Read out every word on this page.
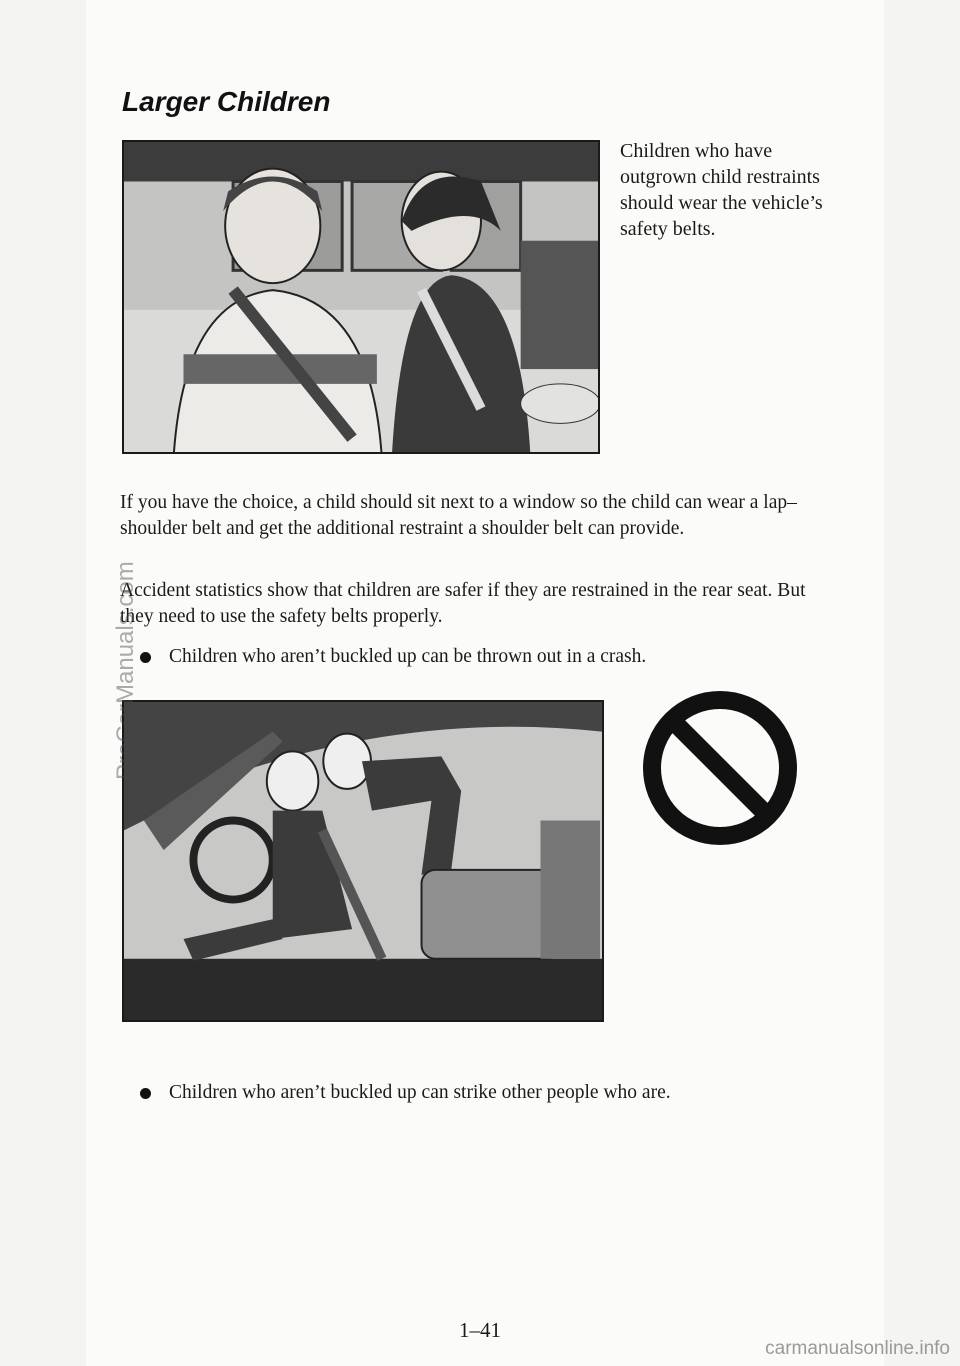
Larger Children
Children who have outgrown child restraints should wear the vehicle’s safety belts.

If you have the choice, a child should sit next to a window so the child can wear a lap–shoulder belt and get the additional restraint a shoulder belt can provide.

Accident statistics show that children are safer if they are restrained in the rear seat. But they need to use the safety belts properly.

Children who aren’t buckled up can be thrown out in a crash.
Children who aren’t buckled up can strike other people who are.
1–41
ProCarManuals.com
carmanualsonline.info
